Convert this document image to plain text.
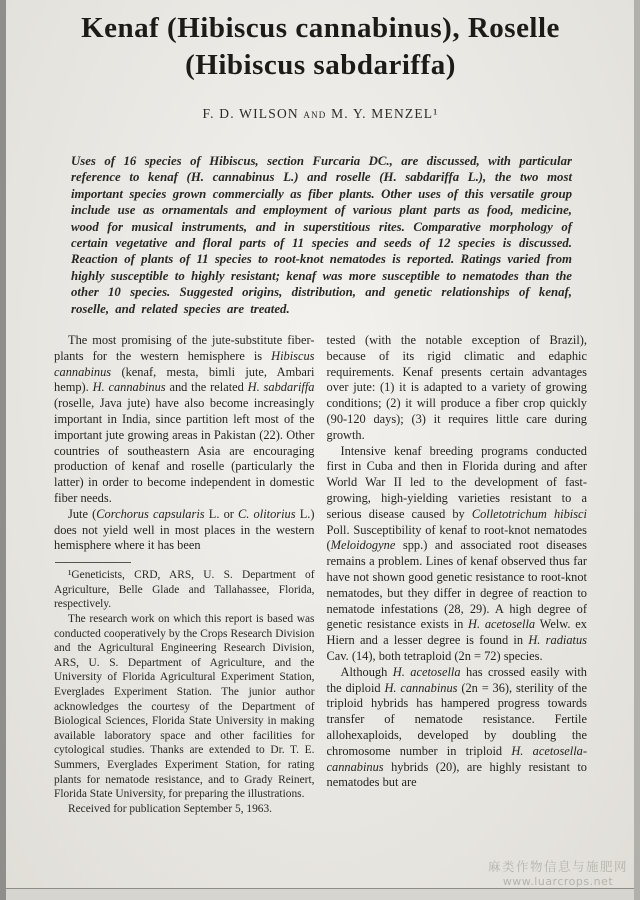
Kenaf (Hibiscus cannabinus), Roselle
(Hibiscus sabdariffa)
F. D. WILSON and M. Y. MENZEL¹

Uses of 16 species of Hibiscus, section Furcaria DC., are discussed, with particular reference to kenaf (H. cannabinus L.) and roselle (H. sabdariffa L.), the two most important species grown commercially as fiber plants. Other uses of this versatile group include use as ornamentals and employment of various plant parts as food, medicine, wood for musical instruments, and in superstitious rites. Comparative morphology of certain vegetative and floral parts of 11 species and seeds of 12 species is discussed. Reaction of plants of 11 species to root-knot nematodes is reported. Ratings varied from highly susceptible to highly resistant; kenaf was more susceptible to nematodes than the other 10 species. Suggested origins, distribution, and genetic relationships of kenaf, roselle, and related species are treated.

The most promising of the jute-substitute fiber-plants for the western hemisphere is Hibiscus cannabinus (kenaf, mesta, bimli jute, Ambari hemp). H. cannabinus and the related H. sabdariffa (roselle, Java jute) have also become increasingly important in India, since partition left most of the important jute growing areas in Pakistan (22). Other countries of southeastern Asia are encouraging production of kenaf and roselle (particularly the latter) in order to become independent in domestic fiber needs.

Jute (Corchorus capsularis L. or C. olitorius L.) does not yield well in most places in the western hemisphere where it has been

¹Geneticists, CRD, ARS, U. S. Department of Agriculture, Belle Glade and Tallahassee, Florida, respectively.

The research work on which this report is based was conducted cooperatively by the Crops Research Division and the Agricultural Engineering Research Division, ARS, U. S. Department of Agriculture, and the University of Florida Agricultural Experiment Station, Everglades Experiment Station. The junior author acknowledges the courtesy of the Department of Biological Sciences, Florida State University in making available laboratory space and other facilities for cytological studies. Thanks are extended to Dr. T. E. Summers, Everglades Experiment Station, for rating plants for nematode resistance, and to Grady Reinert, Florida State University, for preparing the illustrations.

Received for publication September 5, 1963.

tested (with the notable exception of Brazil), because of its rigid climatic and edaphic requirements. Kenaf presents certain advantages over jute: (1) it is adapted to a variety of growing conditions; (2) it will produce a fiber crop quickly (90-120 days); (3) it requires little care during growth.

Intensive kenaf breeding programs conducted first in Cuba and then in Florida during and after World War II led to the development of fast-growing, high-yielding varieties resistant to a serious disease caused by Colletotrichum hibisci Poll. Susceptibility of kenaf to root-knot nematodes (Meloidogyne spp.) and associated root diseases remains a problem. Lines of kenaf observed thus far have not shown good genetic resistance to root-knot nematodes, but they differ in degree of reaction to nematode infestations (28, 29). A high degree of genetic resistance exists in H. acetosella Welw. ex Hiern and a lesser degree is found in H. radiatus Cav. (14), both tetraploid (2n = 72) species.

Although H. acetosella has crossed easily with the diploid H. cannabinus (2n = 36), sterility of the triploid hybrids has hampered progress towards transfer of nematode resistance. Fertile allohexaploids, developed by doubling the chromosome number in triploid H. acetosella-cannabinus hybrids (20), are highly resistant to nematodes but are

麻类作物信息与施肥网
www.luarcrops.net
